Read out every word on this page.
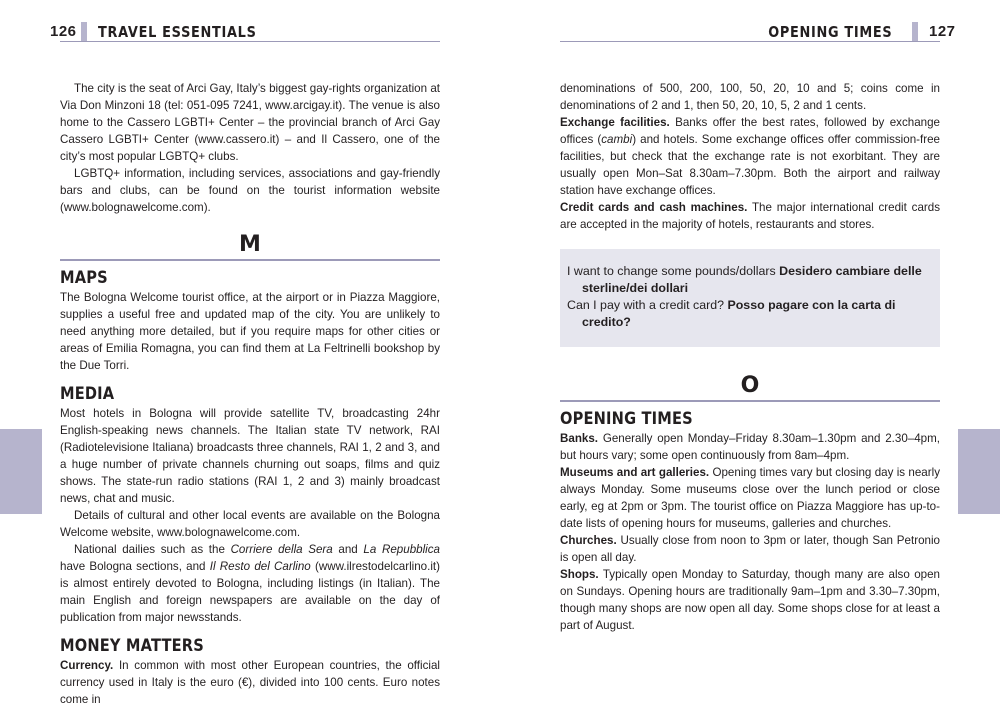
126 TRAVEL ESSENTIALS

The city is the seat of Arci Gay, Italy’s biggest gay-rights organization at Via Don Minzoni 18 (tel: 051-095 7241, www.arcigay.it). The venue is also home to the Cassero LGBTI+ Center – the provincial branch of Arci Gay Cassero LGBTI+ Center (www.cassero.it) – and Il Cassero, one of the city’s most popular LGBTQ+ clubs.

LGBTQ+ information, including services, associations and gay-friendly bars and clubs, can be found on the tourist information website (www.bolognawelcome.com).

M
MAPS

The Bologna Welcome tourist office, at the airport or in Piazza Maggiore, supplies a useful free and updated map of the city. You are unlikely to need anything more detailed, but if you require maps for other cities or areas of Emilia Romagna, you can find them at La Feltrinelli bookshop by the Due Torri.

MEDIA

Most hotels in Bologna will provide satellite TV, broadcasting 24hr English-speaking news channels. The Italian state TV network, RAI (Radiotelevisione Italiana) broadcasts three channels, RAI 1, 2 and 3, and a huge number of private channels churning out soaps, films and quiz shows. The state-run radio stations (RAI 1, 2 and 3) mainly broadcast news, chat and music.

Details of cultural and other local events are available on the Bologna Welcome website, www.bolognawelcome.com.

National dailies such as the Corriere della Sera and La Repubblica have Bologna sections, and Il Resto del Carlino (www.ilrestodelcarlino.it) is almost entirely devoted to Bologna, including listings (in Italian). The main English and foreign newspapers are available on the day of publication from major newsstands.

MONEY MATTERS

Currency. In common with most other European countries, the official currency used in Italy is the euro (€), divided into 100 cents. Euro notes come in

OPENING TIMES 127

denominations of 500, 200, 100, 50, 20, 10 and 5; coins come in denominations of 2 and 1, then 50, 20, 10, 5, 2 and 1 cents.

Exchange facilities. Banks offer the best rates, followed by exchange offices (cambi) and hotels. Some exchange offices offer commission-free facilities, but check that the exchange rate is not exorbitant. They are usually open Mon–Sat 8.30am–7.30pm. Both the airport and railway station have exchange offices.

Credit cards and cash machines. The major international credit cards are accepted in the majority of hotels, restaurants and stores.

I want to change some pounds/dollars Desidero cambiare delle sterline/dei dollari
Can I pay with a credit card? Posso pagare con la carta di credito?
O
OPENING TIMES

Banks. Generally open Monday–Friday 8.30am–1.30pm and 2.30–4pm, but hours vary; some open continuously from 8am–4pm.

Museums and art galleries. Opening times vary but closing day is nearly always Monday. Some museums close over the lunch period or close early, eg at 2pm or 3pm. The tourist office on Piazza Maggiore has up-to-date lists of opening hours for museums, galleries and churches.

Churches. Usually close from noon to 3pm or later, though San Petronio is open all day.

Shops. Typically open Monday to Saturday, though many are also open on Sundays. Opening hours are traditionally 9am–1pm and 3.30–7.30pm, though many shops are now open all day. Some shops close for at least a part of August.
